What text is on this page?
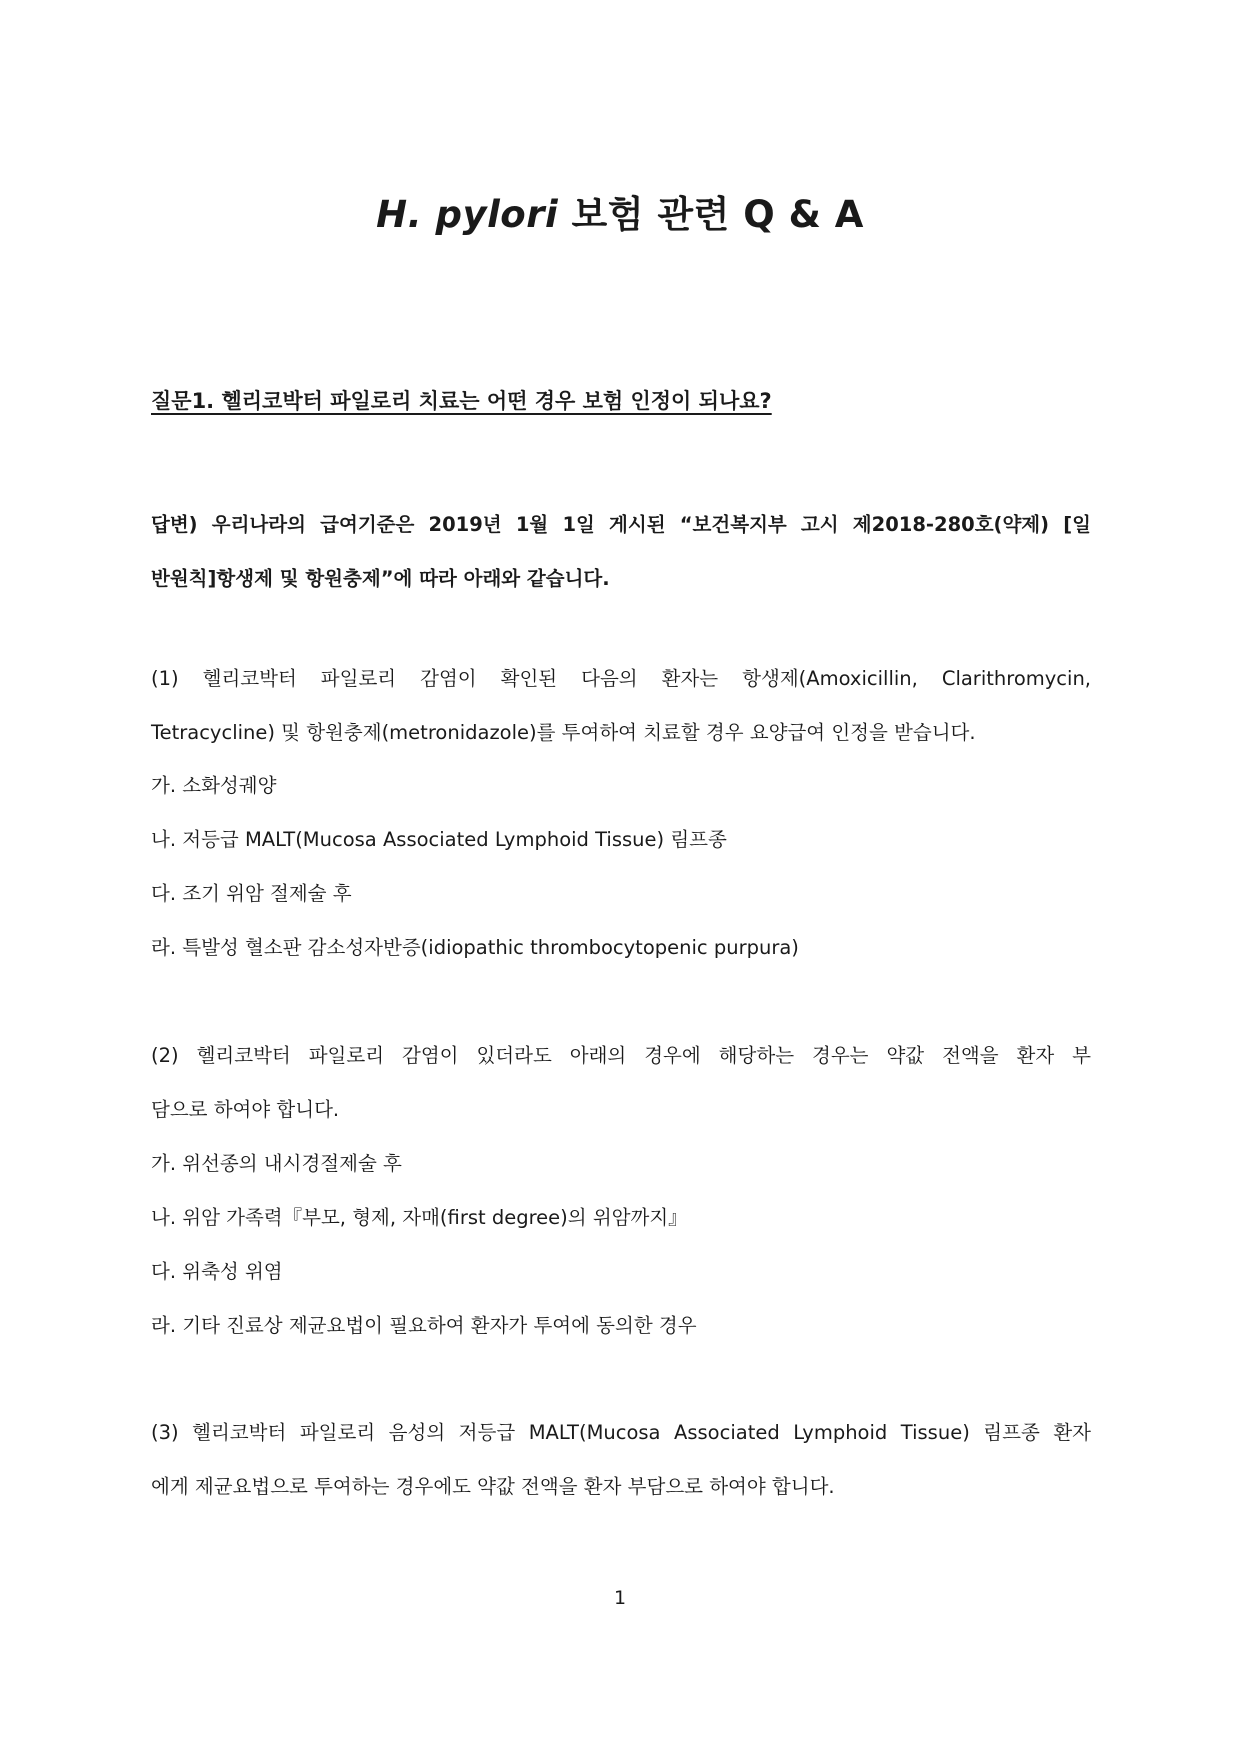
H. pylori 보험 관련 Q & A
질문1. 헬리코박터 파일로리 치료는 어떤 경우 보험 인정이 되나요?
답변) 우리나라의 급여기준은 2019년 1월 1일 게시된 “보건복지부 고시 제2018-280호(약제) [일
반원칙]항생제 및 항원충제”에 따라 아래와 같습니다.
(1) 헬리코박터 파일로리 감염이 확인된 다음의 환자는 항생제(Amoxicillin, Clarithromycin,
Tetracycline) 및 항원충제(metronidazole)를 투여하여 치료할 경우 요양급여 인정을 받습니다.
가. 소화성궤양
나. 저등급 MALT(Mucosa Associated Lymphoid Tissue) 림프종
다. 조기 위암 절제술 후
라. 특발성 혈소판 감소성자반증(idiopathic thrombocytopenic purpura)
(2) 헬리코박터 파일로리 감염이 있더라도 아래의 경우에 해당하는 경우는 약값 전액을 환자 부
담으로 하여야 합니다.
가. 위선종의 내시경절제술 후
나. 위암 가족력『부모, 형제, 자매(first degree)의 위암까지』
다. 위축성 위염
라. 기타 진료상 제균요법이 필요하여 환자가 투여에 동의한 경우
(3) 헬리코박터 파일로리 음성의 저등급 MALT(Mucosa Associated Lymphoid Tissue) 림프종 환자
에게 제균요법으로 투여하는 경우에도 약값 전액을 환자 부담으로 하여야 합니다.
1
